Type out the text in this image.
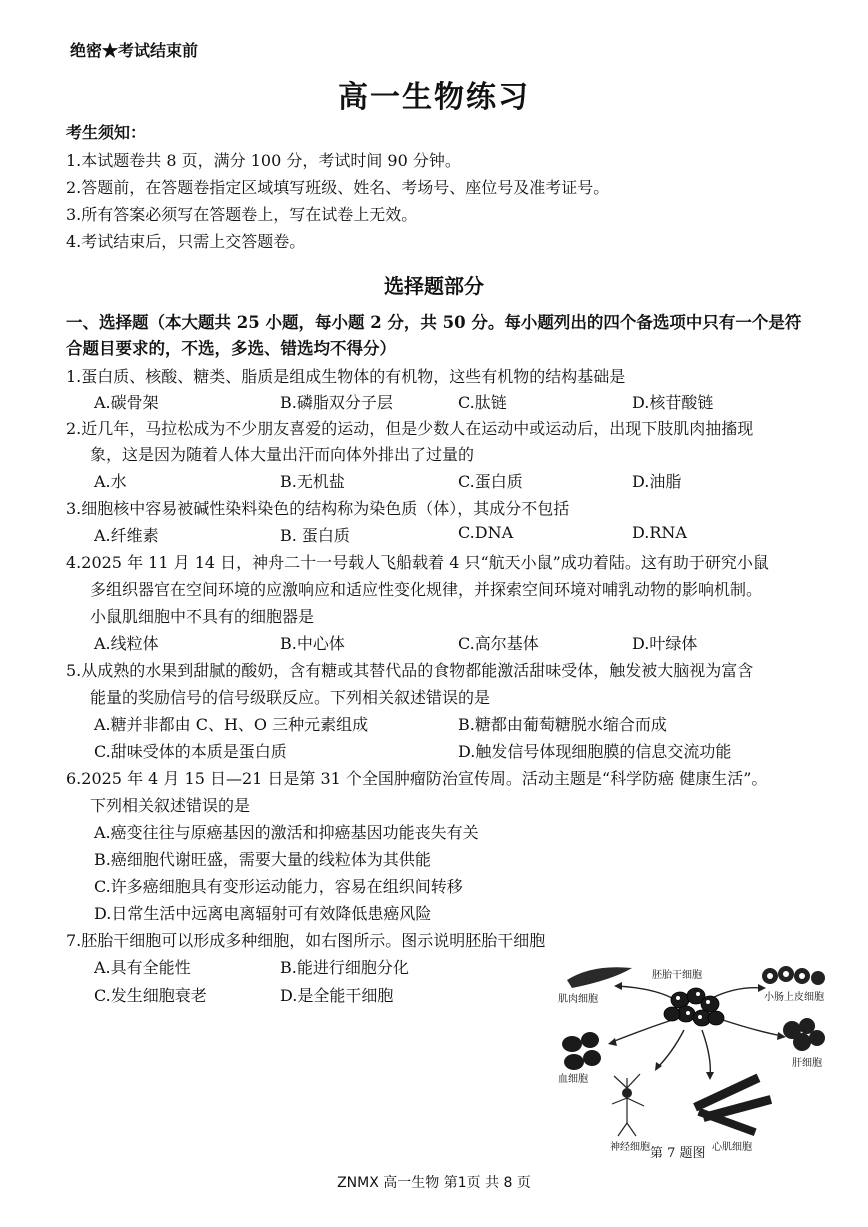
绝密★考试结束前
高一生物练习
考生须知：
1.本试题卷共 8 页，满分 100 分，考试时间 90 分钟。
2.答题前，在答题卷指定区域填写班级、姓名、考场号、座位号及准考证号。
3.所有答案必须写在答题卷上，写在试卷上无效。
4.考试结束后，只需上交答题卷。
选择题部分
一、选择题（本大题共 25 小题，每小题 2 分，共 50 分。每小题列出的四个备选项中只有一个是符
合题目要求的，不选，多选、错选均不得分）
1.蛋白质、核酸、糖类、脂质是组成生物体的有机物，这些有机物的结构基础是
A.碳骨架	B.磷脂双分子层	C.肽链	D.核苷酸链
2.近几年，马拉松成为不少朋友喜爱的运动，但是少数人在运动中或运动后，出现下肢肌肉抽搐现
象，这是因为随着人体大量出汗而向体外排出了过量的
A.水	B.无机盐	C.蛋白质	D.油脂
3.细胞核中容易被碱性染料染色的结构称为染色质（体），其成分不包括
A.纤维素	B. 蛋白质	C.DNA	D.RNA
4.2025 年 11 月 14 日，神舟二十一号载人飞船载着 4 只“航天小鼠”成功着陆。这有助于研究小鼠
多组织器官在空间环境的应激响应和适应性变化规律，并探索空间环境对哺乳动物的影响机制。
小鼠肌细胞中不具有的细胞器是
A.线粒体	B.中心体	C.高尔基体	D.叶绿体
5.从成熟的水果到甜腻的酸奶，含有糖或其替代品的食物都能激活甜味受体，触发被大脑视为富含
能量的奖励信号的信号级联反应。下列相关叙述错误的是
A.糖并非都由 C、H、O 三种元素组成	B.糖都由葡萄糖脱水缩合而成
C.甜味受体的本质是蛋白质	D.触发信号体现细胞膜的信息交流功能
6.2025 年 4 月 15 日—21 日是第 31 个全国肿瘤防治宣传周。活动主题是“科学防癌 健康生活”。
下列相关叙述错误的是
A.癌变往往与原癌基因的激活和抑癌基因功能丧失有关
B.癌细胞代谢旺盛，需要大量的线粒体为其供能
C.许多癌细胞具有变形运动能力，容易在组织间转移
D.日常生活中远离电离辐射可有效降低患癌风险
7.胚胎干细胞可以形成多种细胞，如右图所示。图示说明胚胎干细胞
A.具有全能性	B.能进行细胞分化
C.发生细胞衰老	D.是全能干细胞
胚胎干细胞
肌肉细胞	小肠上皮细胞
血细胞
肝细胞
神经细胞	心肌细胞
第 7 题图
ZNMX 高一生物 第1页 共 8 页
